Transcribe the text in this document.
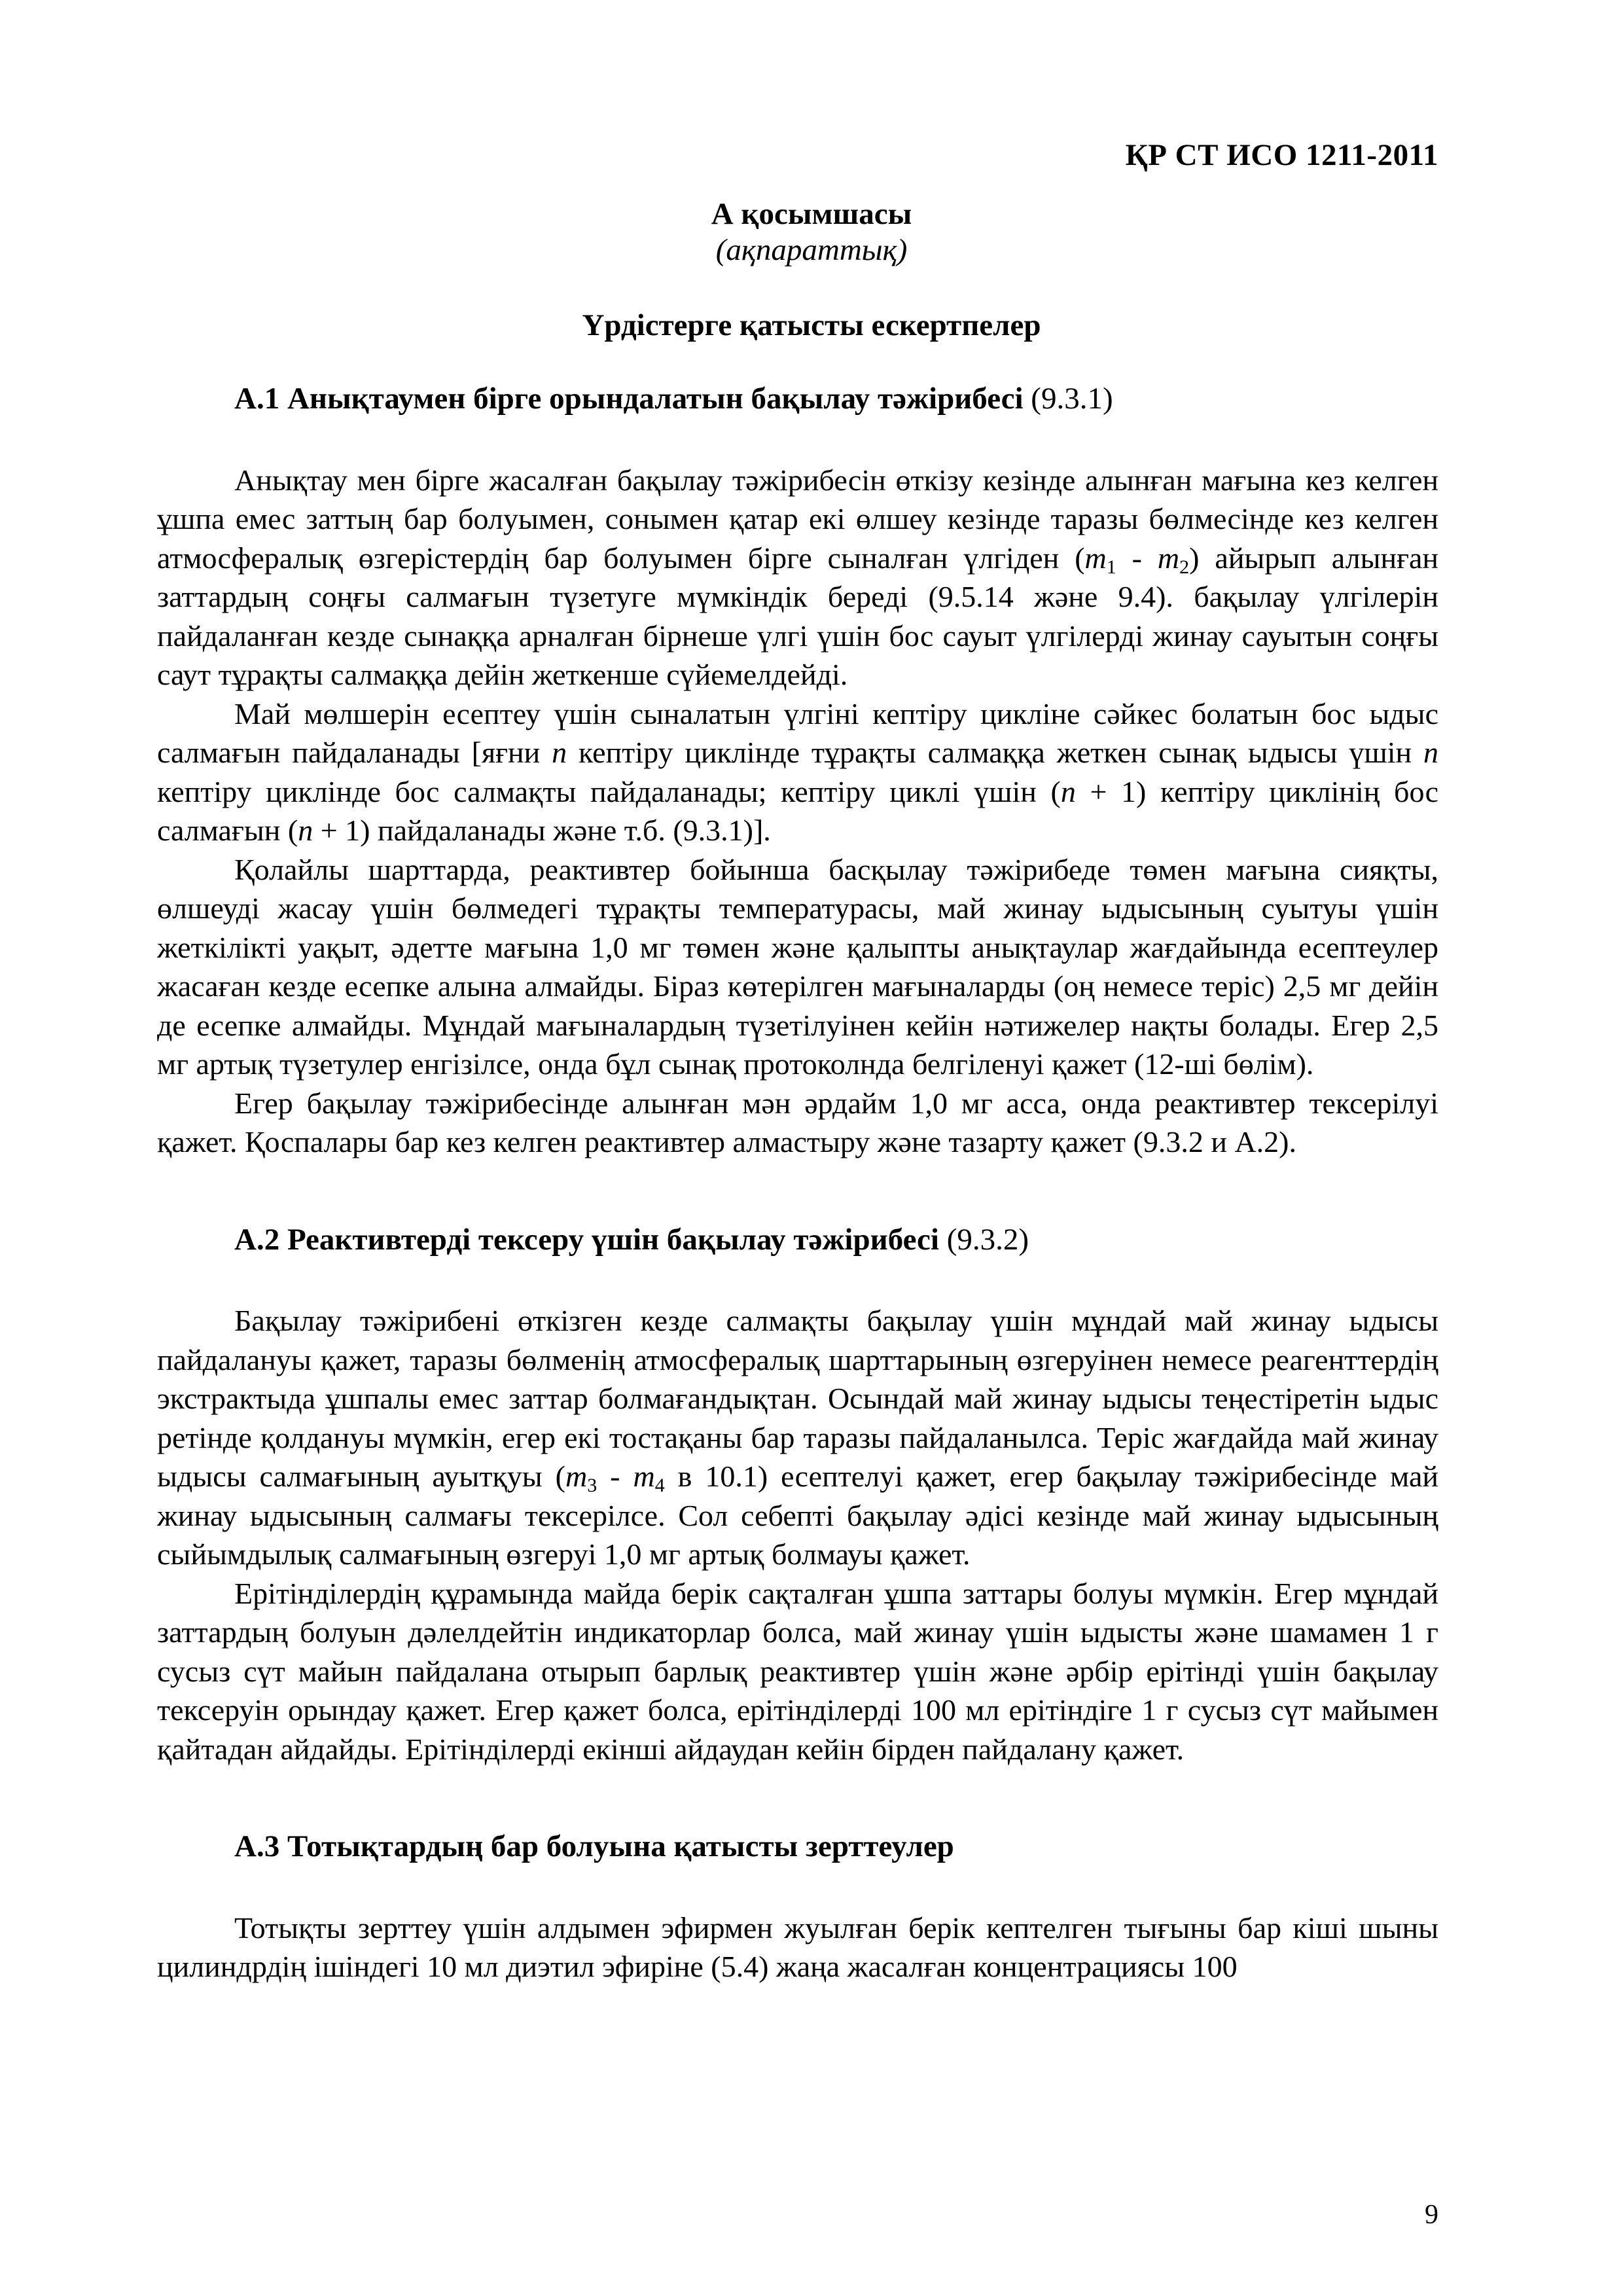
ҚР СТ ИСО 1211-2011
А қосымшасы
(ақпараттық)
Үрдістерге қатысты ескертпелер
А.1 Анықтаумен бірге орындалатын бақылау тәжірибесі (9.3.1)

Анықтау мен бірге жасалған бақылау тәжірибесін өткізу кезінде алынған мағына кез келген ұшпа емес заттың бар болуымен, сонымен қатар екі өлшеу кезінде таразы бөлмесінде кез келген атмосфералық өзгерістердің бар болуымен бірге сыналған үлгіден $(m_1 - m_2)$ айырып алынған заттардың соңғы салмағын түзетуге мүмкіндік береді (9.5.14 және 9.4). бақылау үлгілерін пайдаланған кезде сынаққа арналған бірнеше үлгі үшін бос сауыт үлгілерді жинау сауытын соңғы саут тұрақты салмаққа дейін жеткенше сүйемелдейді.

Май мөлшерін есептеу үшін сыналатын үлгіні кептіру цикліне сәйкес болатын бос ыдыс салмағын пайдаланады [яғни n кептіру циклінде тұрақты салмаққа жеткен сынақ ыдысы үшін n кептіру циклінде бос салмақты пайдаланады; кептіру циклі үшін (n + 1) кептіру циклінің бос салмағын (n + 1) пайдаланады және т.б. (9.3.1)].

Қолайлы шарттарда, реактивтер бойынша басқылау тәжірибеде төмен мағына сияқты, өлшеуді жасау үшін бөлмедегі тұрақты температурасы, май жинау ыдысының суытуы үшін жеткілікті уақыт, әдетте мағына 1,0 мг төмен және қалыпты анықтаулар жағдайында есептеулер жасаған кезде есепке алына алмайды. Біраз көтерілген мағыналарды (оң немесе теріс) 2,5 мг дейін де есепке алмайды. Мұндай мағыналардың түзетілуінен кейін нәтижелер нақты болады. Егер 2,5 мг артық түзетулер енгізілсе, онда бұл сынақ протоколнда белгіленуі қажет (12-ші бөлім).

Егер бақылау тәжірибесінде алынған мән әрдайм 1,0 мг асса, онда реактивтер тексерілуі қажет. Қоспалары бар кез келген реактивтер алмастыру және тазарту қажет (9.3.2 и А.2).

А.2 Реактивтерді тексеру үшін бақылау тәжірибесі (9.3.2)

Бақылау тәжірибені өткізген кезде салмақты бақылау үшін мұндай май жинау ыдысы пайдалануы қажет, таразы бөлменің атмосфералық шарттарының өзгеруінен немесе реагенттердің экстрактыда ұшпалы емес заттар болмағандықтан. Осындай май жинау ыдысы теңестіретін ыдыс ретінде қолдануы мүмкін, егер екі тостақаны бар таразы пайдаланылса. Теріс жағдайда май жинау ыдысы салмағының ауытқуы ($m_3 - m_4$ в 10.1) есептелуі қажет, егер бақылау тәжірибесінде май жинау ыдысының салмағы тексерілсе. Сол себепті бақылау әдісі кезінде май жинау ыдысының сыйымдылық салмағының өзгеруі 1,0 мг артық болмауы қажет.

Ерітінділердің құрамында майда берік сақталған ұшпа заттары болуы мүмкін. Егер мұндай заттардың болуын дәлелдейтін индикаторлар болса, май жинау үшін ыдысты және шамамен 1 г сусыз сүт майын пайдалана отырып барлық реактивтер үшін және әрбір ерітінді үшін бақылау тексеруін орындау қажет. Егер қажет болса, ерітінділерді 100 мл ерітіндіге 1 г сусыз сүт майымен қайтадан айдайды. Ерітінділерді екінші айдаудан кейін бірден пайдалану қажет.

А.3 Тотықтардың бар болуына қатысты зерттеулер

Тотықты зерттеу үшін алдымен эфирмен жуылған берік кептелген тығыны бар кіші шыны цилиндрдің ішіндегі 10 мл диэтил эфиріне (5.4) жаңа жасалған концентрациясы 100

9
